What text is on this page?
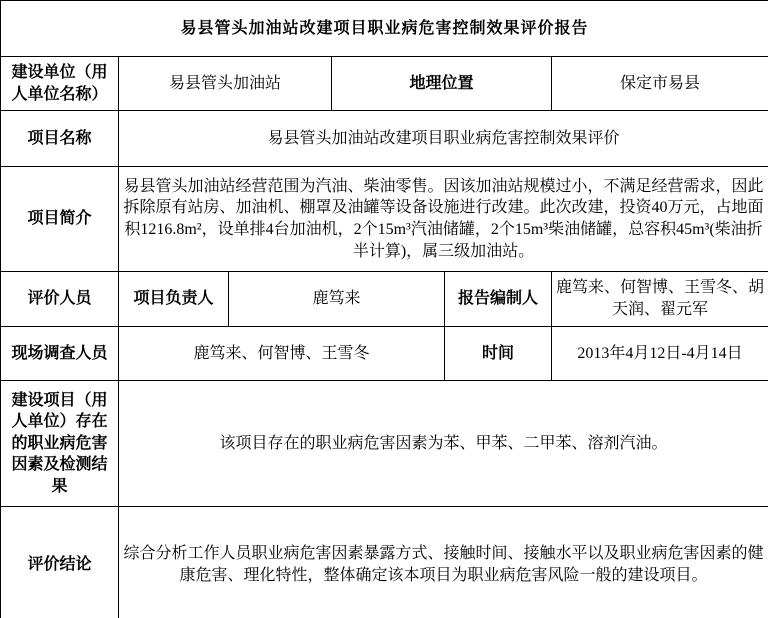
易县管头加油站改建项目职业病危害控制效果评价报告					
建设单位（用人单位名称）	易县管头加油站		地理位置		保定市易县
项目名称	易县管头加油站改建项目职业病危害控制效果评价				
项目简介	易县管头加油站经营范围为汽油、柴油零售。因该加油站规模过小，不满足经营需求，因此拆除原有站房、加油机、棚罩及油罐等设备设施进行改建。此次改建，投资40万元，占地面积1216.8m²，设单排4台加油机，2个15m³汽油储罐，2个15m³柴油储罐，总容积45m³(柴油折半计算)，属三级加油站。				
评价人员	项目负责人	鹿笃来		报告编制人	鹿笃来、何智博、王雪冬、胡天润、翟元军
现场调查人员	鹿笃来、何智博、王雪冬			时间	2013年4月12日-4月14日
建设项目（用人单位）存在的职业病危害因素及检测结果	该项目存在的职业病危害因素为苯、甲苯、二甲苯、溶剂汽油。				
评价结论	综合分析工作人员职业病危害因素暴露方式、接触时间、接触水平以及职业病危害因素的健康危害、理化特性，整体确定该本项目为职业病危害风险一般的建设项目。				
